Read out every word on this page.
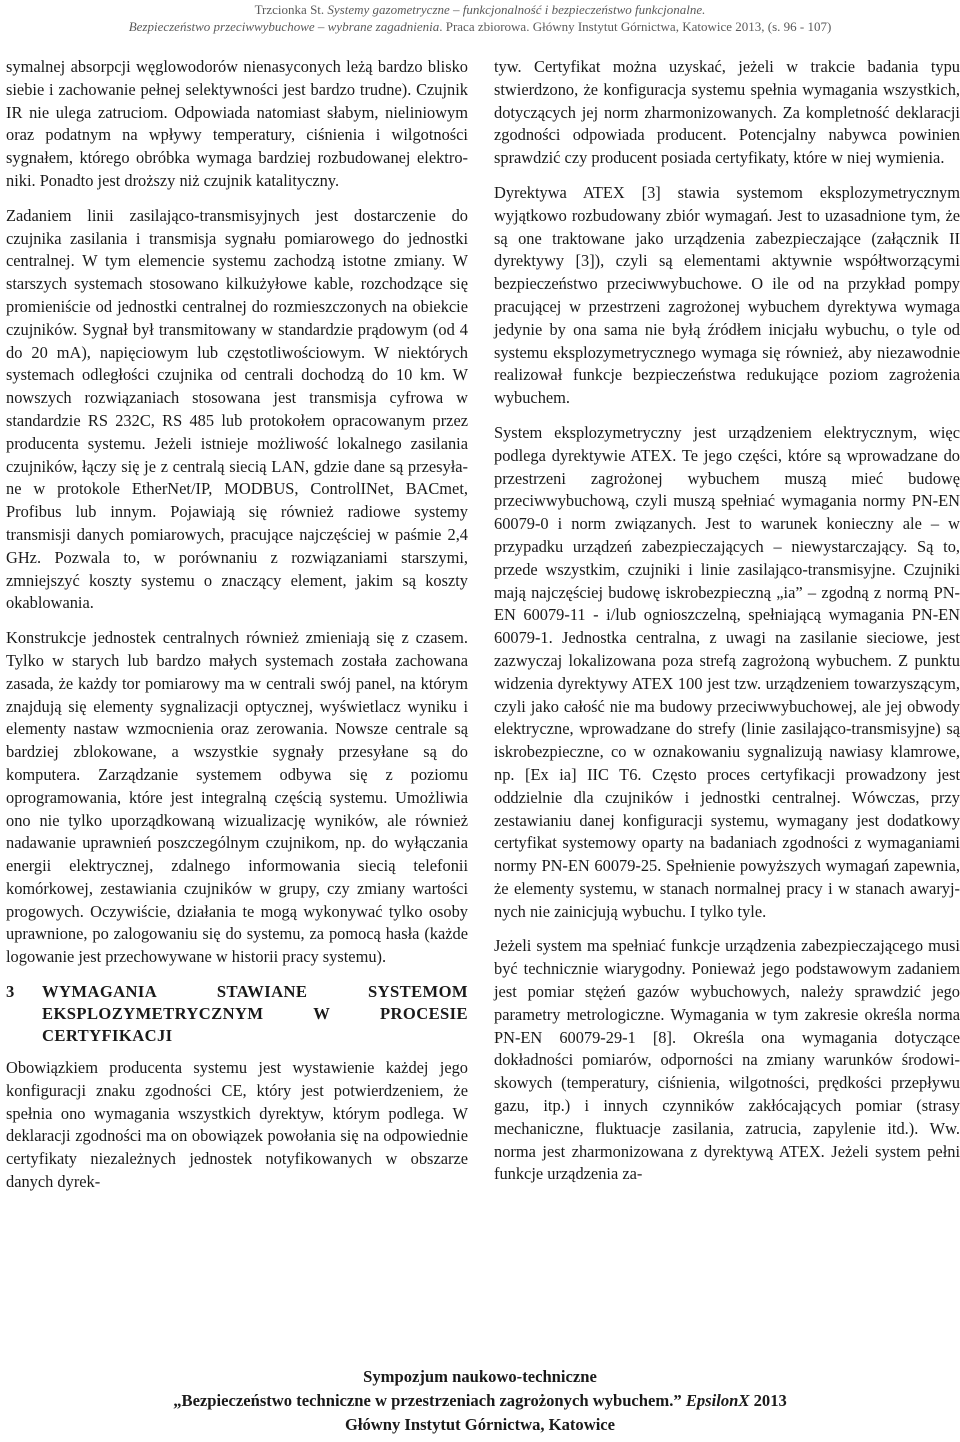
Trzcionka St. Systemy gazometryczne – funkcjonalność i bezpieczeństwo funkcjonalne.
Bezpieczeństwo przeciwwybuchowe – wybrane zagadnienia. Praca zbiorowa. Główny Instytut Górnictwa, Katowice 2013, (s. 96 - 107)

symalnej absorpcji węglowodorów nienasyconych leżą bardzo blisko siebie i zachowanie pełnej selektywności jest bardzo trudne). Czujnik IR nie ulega zatruciom. Odpowiada natomiast słabym, nieliniowym oraz podatnym na wpływy temperatury, ciśnienia i wilgotności sygnałem, którego obróbka wymaga bardziej rozbudowanej elektroniki. Ponadto jest droższy niż czujnik katalityczny.

Zadaniem linii zasilająco-transmisyjnych jest dostarczenie do czujnika zasilania i transmisja sygnału pomiarowego do jednostki centralnej. W tym elemencie systemu zachodzą istotne zmiany. W starszych systemach stosowano kilkużyłowe kable, rozchodzące się promieniście od jednostki centralnej do rozmieszczonych na obiekcie czujników. Sygnał był transmitowany w standardzie prądowym (od 4 do 20 mA), napięciowym lub częstotliwościowym. W niektórych systemach odległości czujnika od centrali dochodzą do 10 km. W nowszych rozwiązaniach stosowana jest transmisja cyfrowa w standardzie RS 232C, RS 485 lub protokołem opracowanym przez producenta systemu. Jeżeli istnieje możliwość lokalnego zasilania czujników, łączy się je z centralą siecią LAN, gdzie dane są przesyłane w protokole EtherNet/IP, MODBUS, ControlINet, BACmet, Profibus lub innym. Pojawiają się również radiowe systemy transmisji danych pomiarowych, pracujące najczęściej w paśmie 2,4 GHz. Pozwala to, w porównaniu z rozwiązaniami starszymi, zmniejszyć koszty systemu o znaczący element, jakim są koszty okablowania.

Konstrukcje jednostek centralnych również zmieniają się z czasem. Tylko w starych lub bardzo małych systemach została zachowana zasada, że każdy tor pomiarowy ma w centrali swój panel, na którym znajdują się elementy sygnalizacji optycznej, wyświetlacz wyniku i elementy nastaw wzmocnienia oraz zerowania. Nowsze centrale są bardziej zblokowane, a wszystkie sygnały przesyłane są do komputera. Zarządzanie systemem odbywa się z poziomu oprogramowania, które jest integralną częścią systemu. Umożliwia ono nie tylko uporządkowaną wizualizację wyników, ale również nadawanie uprawnień poszczególnym czujnikom, np. do wyłączania energii elektrycznej, zdalnego informowania siecią telefonii komórkowej, zestawiania czujników w grupy, czy zmiany wartości progowych. Oczywiście, działania te mogą wykonywać tylko osoby uprawnione, po zalogowaniu się do systemu, za pomocą hasła (każde logowanie jest przechowywane w historii pracy systemu).

3	WYMAGANIA STAWIANE SYSTEMOM EKSPLOZYMETRYCZNYM W PROCESIE CERTYFIKACJI

Obowiązkiem producenta systemu jest wystawienie każdej jego konfiguracji znaku zgodności CE, który jest potwierdzeniem, że spełnia ono wymagania wszystkich dyrektyw, którym podlega. W deklaracji zgodności ma on obowiązek powołania się na odpowiednie certyfikaty niezależnych jednostek notyfikowanych w obszarze danych dyrek-

tyw. Certyfikat można uzyskać, jeżeli w trakcie badania typu stwierdzono, że konfiguracja systemu spełnia wymagania wszystkich, dotyczących jej norm zharmonizowanych. Za kompletność deklaracji zgodności odpowiada producent. Potencjalny nabywca powinien sprawdzić czy producent posiada certyfikaty, które w niej wymienia.

Dyrektywa ATEX [3] stawia systemom eksplozymetrycznym wyjątkowo rozbudowany zbiór wymagań. Jest to uzasadnione tym, że są one traktowane jako urządzenia zabezpieczające (załącznik II dyrektywy [3]), czyli są elementami aktywnie współtworzącymi bezpieczeństwo przeciwwybuchowe. O ile od na przykład pompy pracującej w przestrzeni zagrożonej wybuchem dyrektywa wymaga jedynie by ona sama nie byłą źródłem inicjału wybuchu, o tyle od systemu eksplozymetrycznego wymaga się również, aby niezawodnie realizował funkcje bezpieczeństwa redukujące poziom zagrożenia wybuchem.

System eksplozymetryczny jest urządzeniem elektrycznym, więc podlega dyrektywie ATEX. Te jego części, które są wprowadzane do przestrzeni zagrożonej wybuchem muszą mieć budowę przeciwwybuchową, czyli muszą spełniać wymagania normy PN-EN 60079-0 i norm związanych. Jest to warunek konieczny ale – w przypadku urządzeń zabezpieczających – niewystarczający. Są to, przede wszystkim, czujniki i linie zasilająco-transmisyjne. Czujniki mają najczęściej budowę iskrobezpieczną „ia” – zgodną z normą PN-EN 60079-11 - i/lub ognioszczelną, spełniającą wymagania PN-EN 60079-1. Jednostka centralna, z uwagi na zasilanie sieciowe, jest zazwyczaj lokalizowana poza strefą zagrożoną wybuchem. Z punktu widzenia dyrektywy ATEX 100 jest tzw. urządzeniem towarzyszącym, czyli jako całość nie ma budowy przeciwwybuchowej, ale jej obwody elektryczne, wprowadzane do strefy (linie zasilająco-transmisyjne) są iskrobezpieczne, co w oznakowaniu sygnalizują nawiasy klamrowe, np. [Ex ia] IIC T6. Często proces certyfikacji prowadzony jest oddzielnie dla czujników i jednostki centralnej. Wówczas, przy zestawianiu danej konfiguracji systemu, wymagany jest dodatkowy certyfikat systemowy oparty na badaniach zgodności z wymaganiami normy PN-EN 60079-25. Spełnienie powyższych wymagań zapewnia, że elementy systemu, w stanach normalnej pracy i w stanach awaryjnych nie zainicjują wybuchu. I tylko tyle.

Jeżeli system ma spełniać funkcje urządzenia zabezpieczającego musi być technicznie wiarygodny. Ponieważ jego podstawowym zadaniem jest pomiar stężeń gazów wybuchowych, należy sprawdzić jego parametry metrologiczne. Wymagania w tym zakresie określa norma PN-EN 60079-29-1 [8]. Określa ona wymagania dotyczące dokładności pomiarów, odporności na zmiany warunków środowiskowych (temperatury, ciśnienia, wilgotności, prędkości przepływu gazu, itp.) i innych czynników zakłócających pomiar (strasy mechaniczne, fluktuacje zasilania, zatrucia, zapylenie itd.). Ww. norma jest zharmonizowana z dyrektywą ATEX. Jeżeli system pełni funkcje urządzenia za-

Sympozjum naukowo-techniczne
„Bezpieczeństwo techniczne w przestrzeniach zagrożonych wybuchem.” EpsilonX 2013
Główny Instytut Górnictwa, Katowice
